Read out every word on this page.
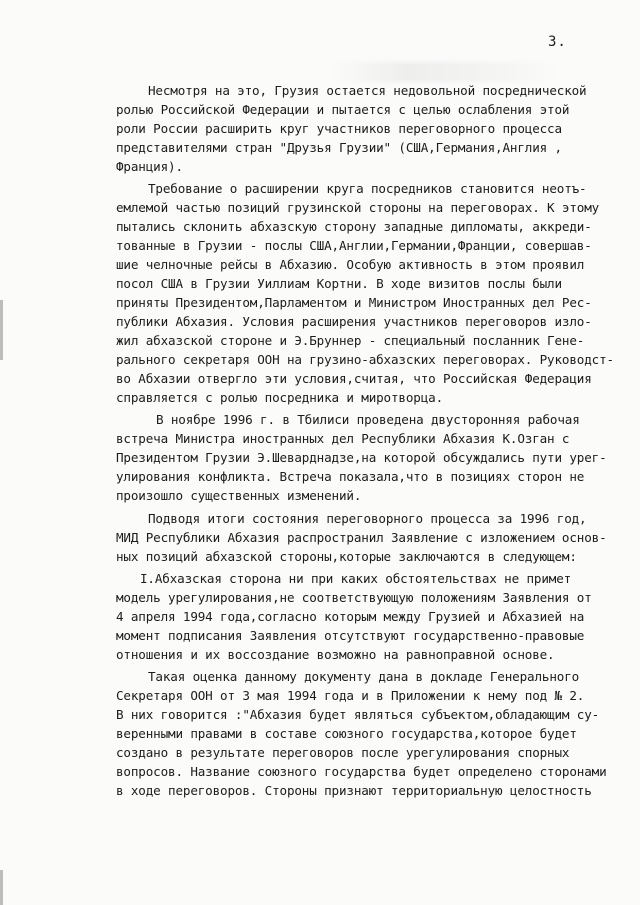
3.
Несмотря на это, Грузия остается недовольной посреднической
ролью Российской Федерации и пытается с целью ослабления этой
роли России расширить круг участников переговорного процесса
представителями стран "Друзья Грузии" (США,Германия,Англия ,
Франция).
Требование о расширении круга посредников становится неотъ-
емлемой частью позиций грузинской стороны на переговорах. К этому
пытались склонить абхазскую сторону западные дипломаты, аккреди-
тованные в Грузии - послы США,Англии,Германии,Франции, совершав-
шие челночные рейсы в Абхазию. Особую активность в этом проявил
посол США в Грузии Уиллиам Кортни. В ходе визитов послы были
приняты Президентом,Парламентом и Министром Иностранных дел Рес-
публики Абхазия. Условия расширения участников переговоров изло-
жил абхазской стороне и Э.Бруннер - специальный посланник Гене-
рального секретаря ООН на грузино-абхазских переговорах. Руководст-
во Абхазии отвергло эти условия,считая, что Российская Федерация
справляется с ролью посредника и миротворца.
В ноябре 1996 г. в Тбилиси проведена двусторонняя рабочая
встреча Министра иностранных дел Республики Абхазия К.Озган с
Президентом Грузии Э.Шеварднадзе,на которой обсуждались пути урег-
улирования конфликта. Встреча показала,что в позициях сторон не
произошло существенных изменений.
Подводя итоги состояния переговорного процесса за 1996 год,
МИД Республики Абхазия распространил Заявление с изложением основ-
ных позиций абхазской стороны,которые заключаются в следующем:
I.Абхазская сторона ни при каких обстоятельствах не примет
модель урегулирования,не соответствующую положениям Заявления от
4 апреля 1994 года,согласно которым между Грузией и Абхазией на
момент подписания Заявления отсутствуют государственно-правовые
отношения и их воссоздание возможно на равноправной основе.
Такая оценка данному документу дана в докладе Генерального
Секретаря ООН от 3 мая 1994 года и в Приложении к нему под № 2.
В них говорится :"Абхазия будет являться субъектом,обладающим су-
веренными правами в составе союзного государства,которое будет
создано в результате переговоров после урегулирования спорных
вопросов. Название союзного государства будет определено сторонами
в ходе переговоров. Стороны признают территориальную целостность
